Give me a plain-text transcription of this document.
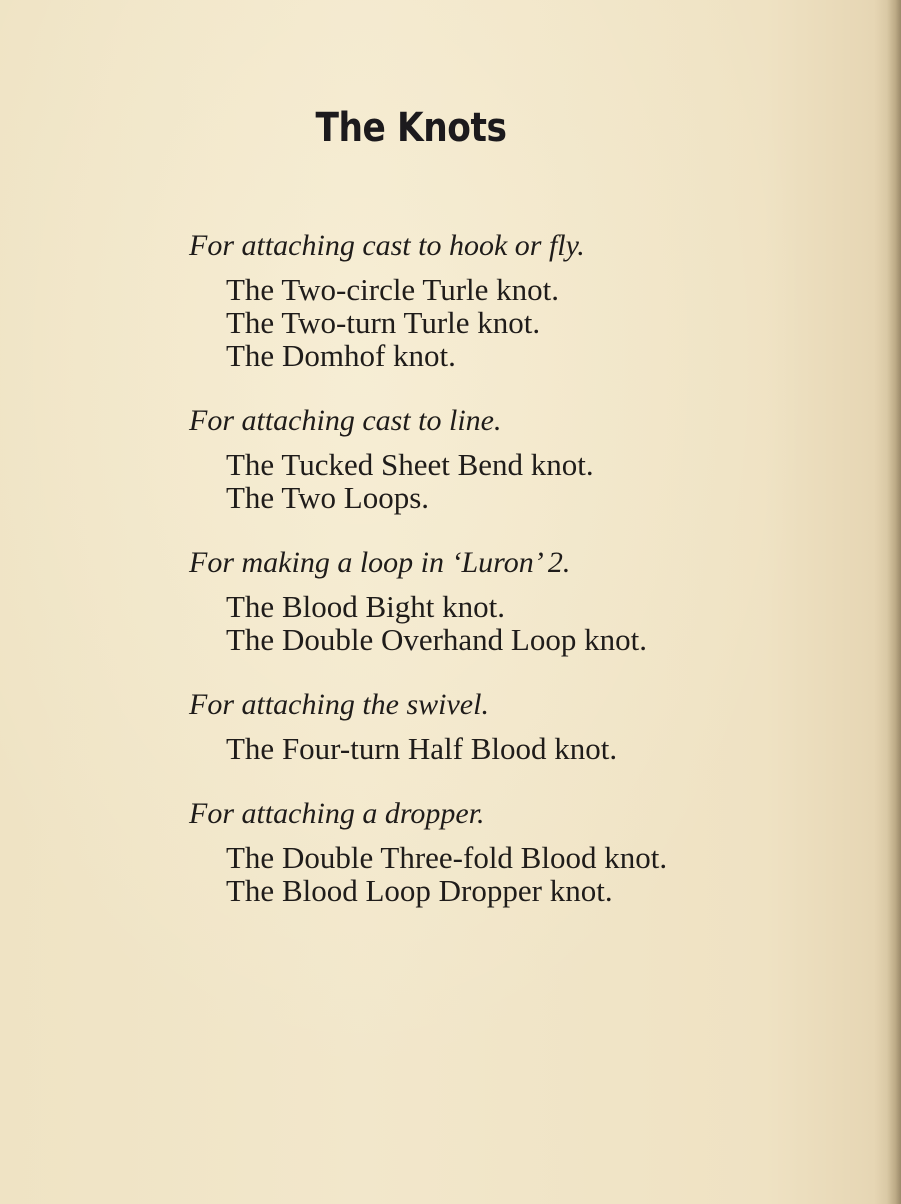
The Knots

For attaching cast to hook or fly.

The Two-circle Turle knot.
The Two-turn Turle knot.
The Domhof knot.

For attaching cast to line.

The Tucked Sheet Bend knot.
The Two Loops.

For making a loop in ‘Luron’ 2.

The Blood Bight knot.
The Double Overhand Loop knot.

For attaching the swivel.

The Four-turn Half Blood knot.

For attaching a dropper.

The Double Three-fold Blood knot.
The Blood Loop Dropper knot.
